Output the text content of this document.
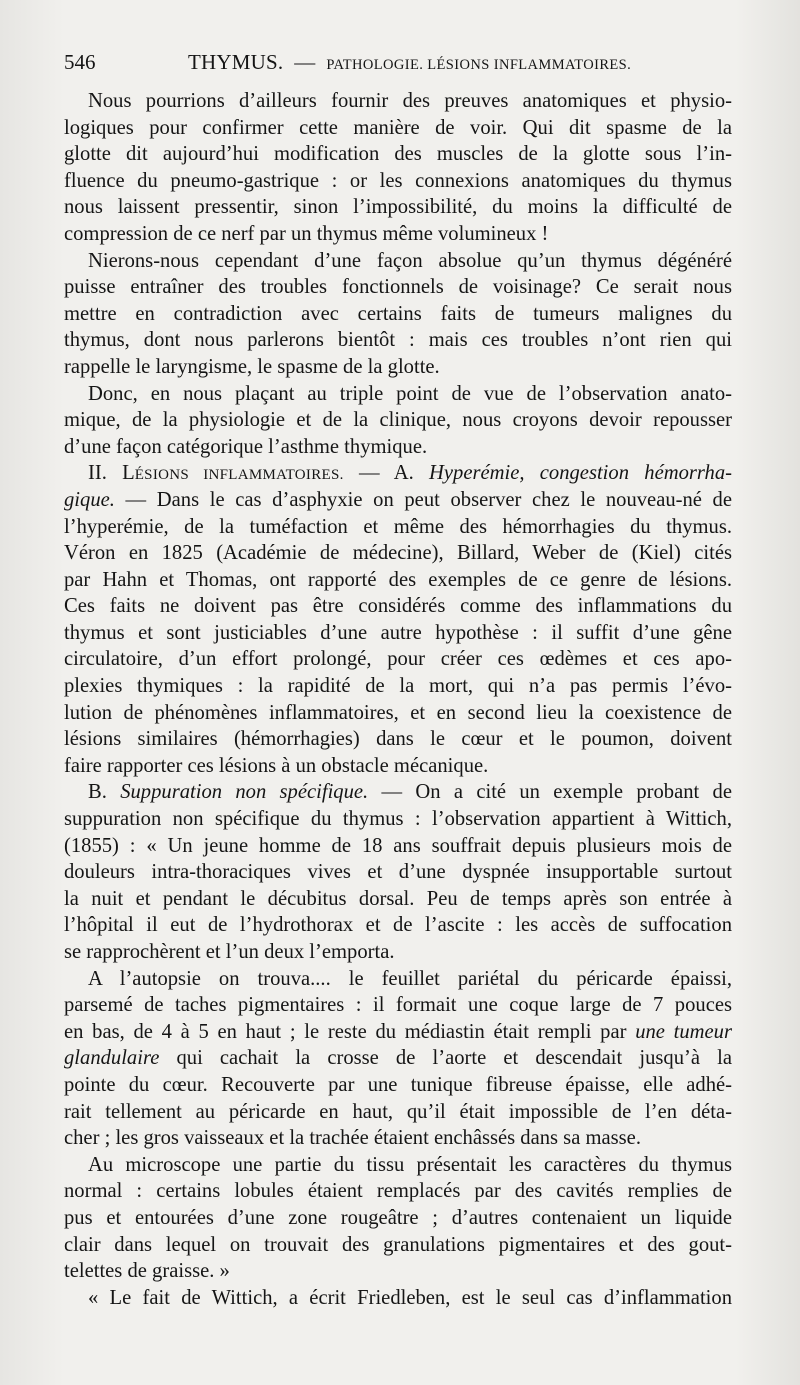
546	THYMUS. — PATHOLOGIE. LÉSIONS INFLAMMATOIRES.
Nous pourrions d’ailleurs fournir des preuves anatomiques et physio-
logiques pour confirmer cette manière de voir. Qui dit spasme de la
glotte dit aujourd’hui modification des muscles de la glotte sous l’in-
fluence du pneumo-gastrique : or les connexions anatomiques du thymus
nous laissent pressentir, sinon l’impossibilité, du moins la difficulté de
compression de ce nerf par un thymus même volumineux !
Nierons-nous cependant d’une façon absolue qu’un thymus dégénéré
puisse entraîner des troubles fonctionnels de voisinage? Ce serait nous
mettre en contradiction avec certains faits de tumeurs malignes du
thymus, dont nous parlerons bientôt : mais ces troubles n’ont rien qui
rappelle le laryngisme, le spasme de la glotte.
Donc, en nous plaçant au triple point de vue de l’observation anato-
mique, de la physiologie et de la clinique, nous croyons devoir repousser
d’une façon catégorique l’asthme thymique.
II. LÉSIONS INFLAMMATOIRES. — A. Hyperémie, congestion hémorrha-
gique. — Dans le cas d’asphyxie on peut observer chez le nouveau-né de
l’hyperémie, de la tuméfaction et même des hémorrhagies du thymus.
Véron en 1825 (Académie de médecine), Billard, Weber de (Kiel) cités
par Hahn et Thomas, ont rapporté des exemples de ce genre de lésions.
Ces faits ne doivent pas être considérés comme des inflammations du
thymus et sont justiciables d’une autre hypothèse : il suffit d’une gêne
circulatoire, d’un effort prolongé, pour créer ces œdèmes et ces apo-
plexies thymiques : la rapidité de la mort, qui n’a pas permis l’évo-
lution de phénomènes inflammatoires, et en second lieu la coexistence de
lésions similaires (hémorrhagies) dans le cœur et le poumon, doivent
faire rapporter ces lésions à un obstacle mécanique.
B. Suppuration non spécifique. — On a cité un exemple probant de
suppuration non spécifique du thymus : l’observation appartient à Wittich,
(1855) : « Un jeune homme de 18 ans souffrait depuis plusieurs mois de
douleurs intra-thoraciques vives et d’une dyspnée insupportable surtout
la nuit et pendant le décubitus dorsal. Peu de temps après son entrée à
l’hôpital il eut de l’hydrothorax et de l’ascite : les accès de suffocation
se rapprochèrent et l’un deux l’emporta.
A l’autopsie on trouva.... le feuillet pariétal du péricarde épaissi,
parsemé de taches pigmentaires : il formait une coque large de 7 pouces
en bas, de 4 à 5 en haut ; le reste du médiastin était rempli par une tumeur
glandulaire qui cachait la crosse de l’aorte et descendait jusqu’à la
pointe du cœur. Recouverte par une tunique fibreuse épaisse, elle adhé-
rait tellement au péricarde en haut, qu’il était impossible de l’en déta-
cher ; les gros vaisseaux et la trachée étaient enchâssés dans sa masse.
Au microscope une partie du tissu présentait les caractères du thymus
normal : certains lobules étaient remplacés par des cavités remplies de
pus et entourées d’une zone rougeâtre ; d’autres contenaient un liquide
clair dans lequel on trouvait des granulations pigmentaires et des gout-
telettes de graisse. »
« Le fait de Wittich, a écrit Friedleben, est le seul cas d’inflammation
